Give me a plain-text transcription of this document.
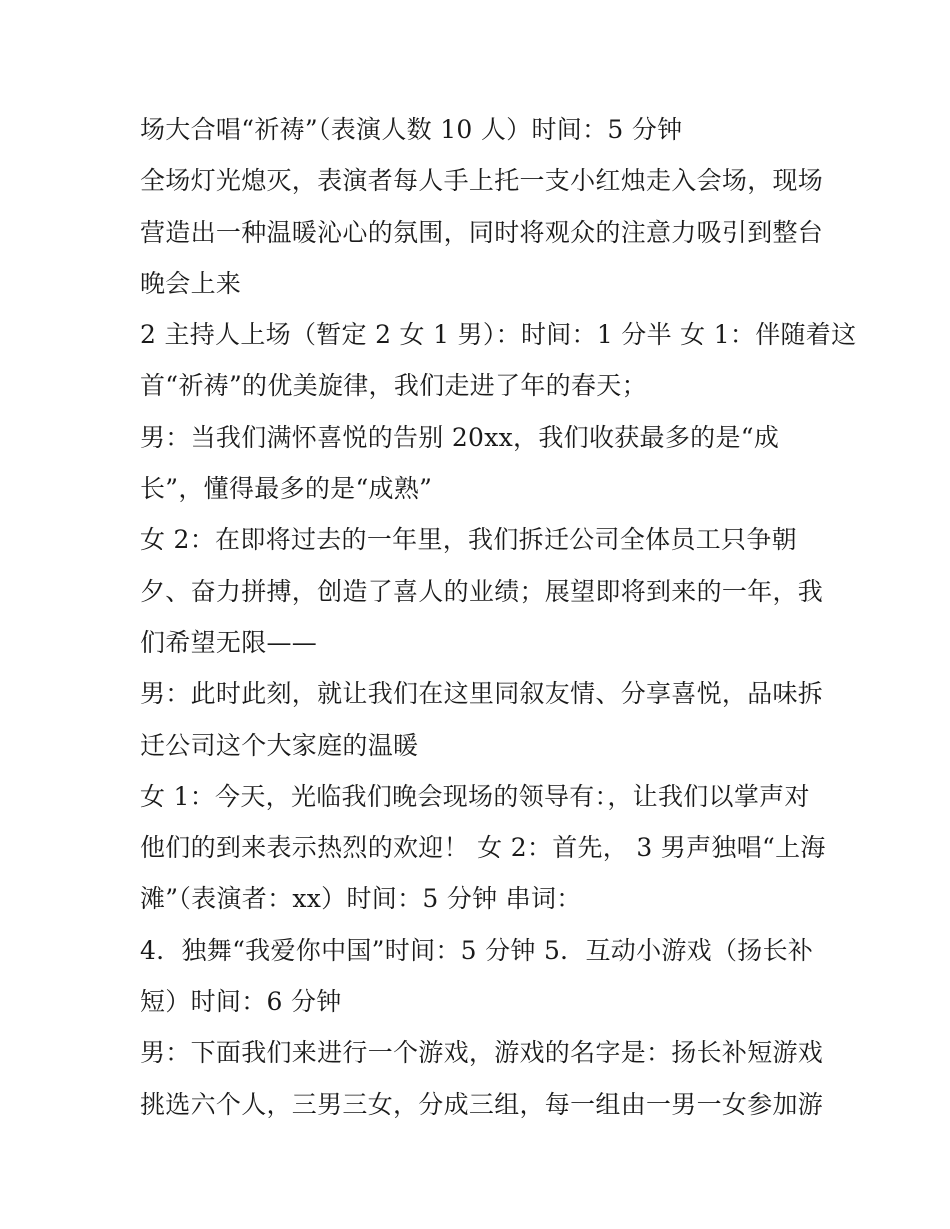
场大合唱“祈祷”（表演人数 10 人）时间：5 分钟
全场灯光熄灭，表演者每人手上托一支小红烛走入会场，现场
营造出一种温暖沁心的氛围，同时将观众的注意力吸引到整台
晚会上来
2 主持人上场（暂定 2 女 1 男）：时间：1 分半 女 1：伴随着这
首“祈祷”的优美旋律，我们走进了年的春天；
男：当我们满怀喜悦的告别 20xx，我们收获最多的是“成
长”，懂得最多的是“成熟”
女 2：在即将过去的一年里，我们拆迁公司全体员工只争朝
夕、奋力拼搏，创造了喜人的业绩；展望即将到来的一年，我
们希望无限——
男：此时此刻，就让我们在这里同叙友情、分享喜悦，品味拆
迁公司这个大家庭的温暖
女 1：今天，光临我们晚会现场的领导有：，让我们以掌声对
他们的到来表示热烈的欢迎！ 女 2：首先， 3 男声独唱“上海
滩”（表演者：xx）时间：5 分钟 串词：
4．独舞“我爱你中国”时间：5 分钟 5．互动小游戏（扬长补
短）时间：6 分钟
男：下面我们来进行一个游戏，游戏的名字是：扬长补短游戏
挑选六个人，三男三女，分成三组，每一组由一男一女参加游
